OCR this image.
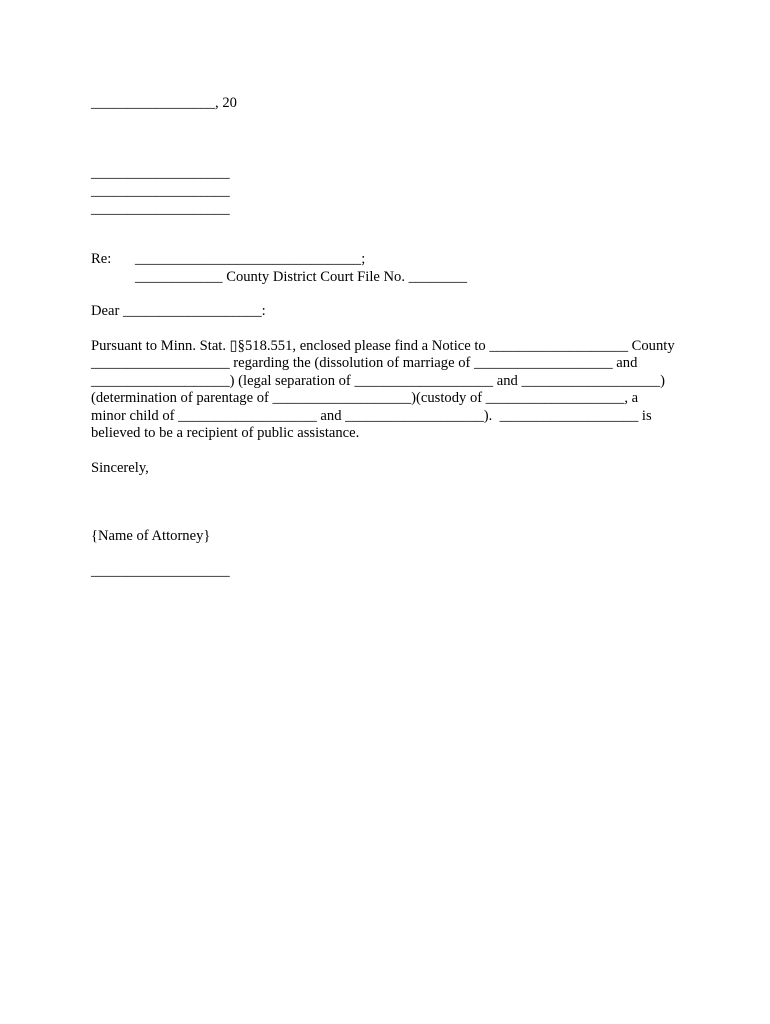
_________________, 20
___________________
___________________
___________________
Re: _______________________________;
____________ County District Court File No. ________
Dear ___________________:
Pursuant to Minn. Stat. ▯§518.551, enclosed please find a Notice to ___________________ County
___________________ regarding the (dissolution of marriage of ___________________ and
___________________) (legal separation of ___________________ and ___________________)
(determination of parentage of ___________________)(custody of ___________________, a
minor child of ___________________ and ___________________).  ___________________ is
believed to be a recipient of public assistance.
Sincerely,
{Name of Attorney}
___________________
